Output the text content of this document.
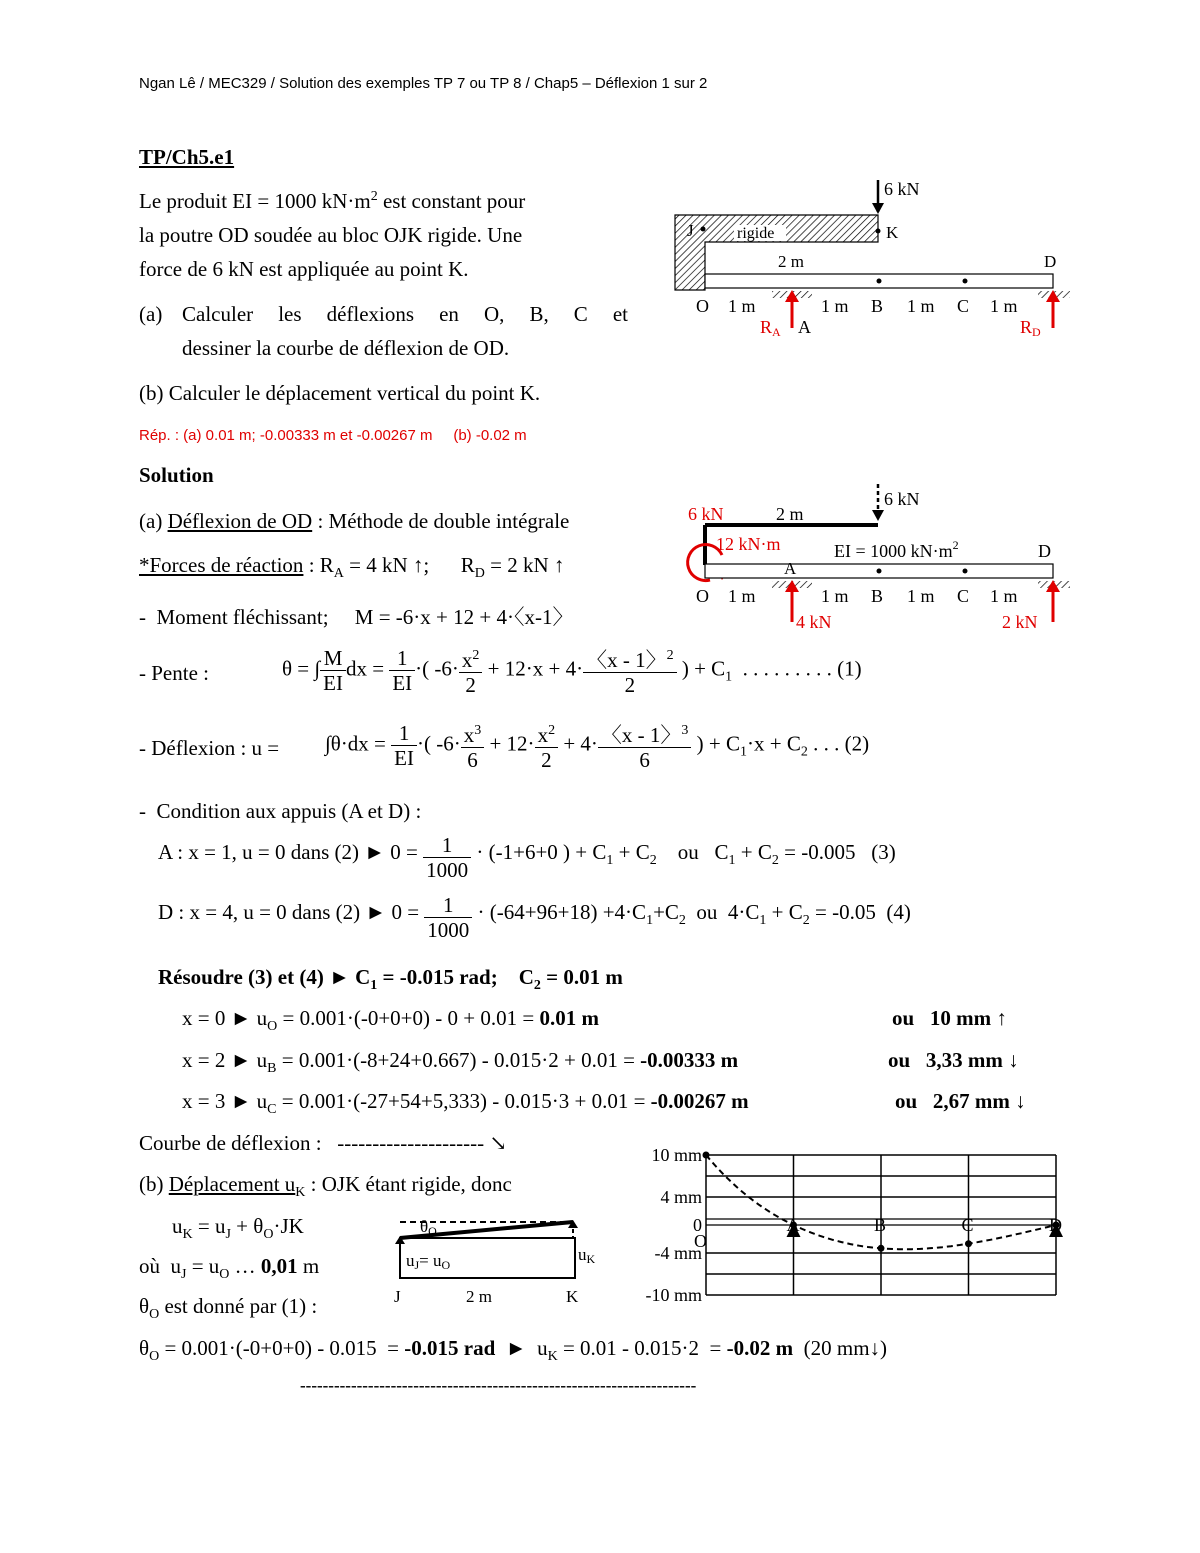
Ngan Lê / MEC329 / Solution des exemples TP 7 ou TP 8 / Chap5 – Déflexion 1 sur 2
TP/Ch5.e1
Le produit EI = 1000 $kN\cdot m^2$ est constant pour
la poutre OD soudée au bloc OJK rigide. Une
force de 6 kN est appliquée au point K.
(a) Calculer les déflexions en O, B, C et
dessiner la courbe de déflexion de OD.
(b) Calculer le déplacement vertical du point K.
Rép. : (a) 0.01 m; -0.00333 m et -0.00267 m     (b) -0.02 m
6 kN
J	rigide	K
2 m	D
O 1 m	1 m B 1 m C 1 m
RA A	RD
Solution
(a) Déflexion de OD : Méthode de double intégrale
*Forces de réaction : $R_A = 4$ kN ↑;      $R_D = 2$ kN ↑
-  Moment fléchissant;     M = -6·x + 12 + 4·〈x-1〉
- Pente :	θ = ∫ $\frac{M}{EI}$ dx = $\frac{1}{EI}$ ·( $-6\cdot \frac{x^2}{2} + 12\cdot x + 4\cdot \frac{〈x - 1〉^2}{2}$ ) + $C_1$  . . . . . . . . . (1)
- Déflexion : $u = \int\theta\cdot dx = \frac{1}{EI}$ ·( $-6\cdot \frac{x^3}{6} + 12\cdot \frac{x^2}{2} + 4\cdot \frac{〈x - 1〉^3}{6}$ ) + $C_1\cdot x + C_2$ . . . (2)
-  Condition aux appuis (A et D) :
A : x = 1, u = 0 dans (2) ► $0 = \frac{1}{1000} \cdot (-1+6+0$ ) + $C_1 + C_2$    ou   $C_1 + C_2 = -0.005$   (3)
D : x = 4, u = 0 dans (2) ► $0 = \frac{1}{1000} \cdot (-64+96+18) +4\cdot C_1+C_2$  ou  $4\cdot C_1 + C_2 = -0.05$  (4)
Résoudre (3) et (4) ► $C_1 = -0.015$ rad;    $C_2 = 0.01$ m
x = 0 ► $u_O = 0.001\cdot(-0+0+0) - 0 + 0.01 = 0.01$ m	ou   10 mm ↑
x = 2 ► $u_B = 0.001\cdot(-8+24+0.667) - 0.015\cdot 2 + 0.01 = -0.00333$ m	ou   3,33 mm ↓
x = 3 ► $u_C = 0.001\cdot(-27+54+5,333) - 0.015\cdot 3 + 0.01 = -0.00267$ m	ou   2,67 mm ↓
Courbe de déflexion :   --------------------- ↘
(b) Déplacement $u_K$ : OJK étant rigide, donc
$u_K = u_J + \theta_O\cdot JK$
où  $u_J = u_O$ … 0,01 m
$\theta_O$ est donné par (1) :
$\theta_O = 0.001\cdot(-0+0+0) - 0.015 = -0.015$ rad  ►  $u_K = 0.01 - 0.015\cdot 2 = -0.02$ m  (20 mm↓)
----------------------------------------------------------------------
6 kN
6 kN	2 m
12 kN·m	EI = 1000 $kN\cdot m^2$	D
A
O 1 m	1 m B 1 m C 1 m
4 kN	2 kN
θO
uJ= uO
uK
J	2 m	K
10 mm
4 mm
0
-4 mm
-10 mm
O
A	B	C	D
